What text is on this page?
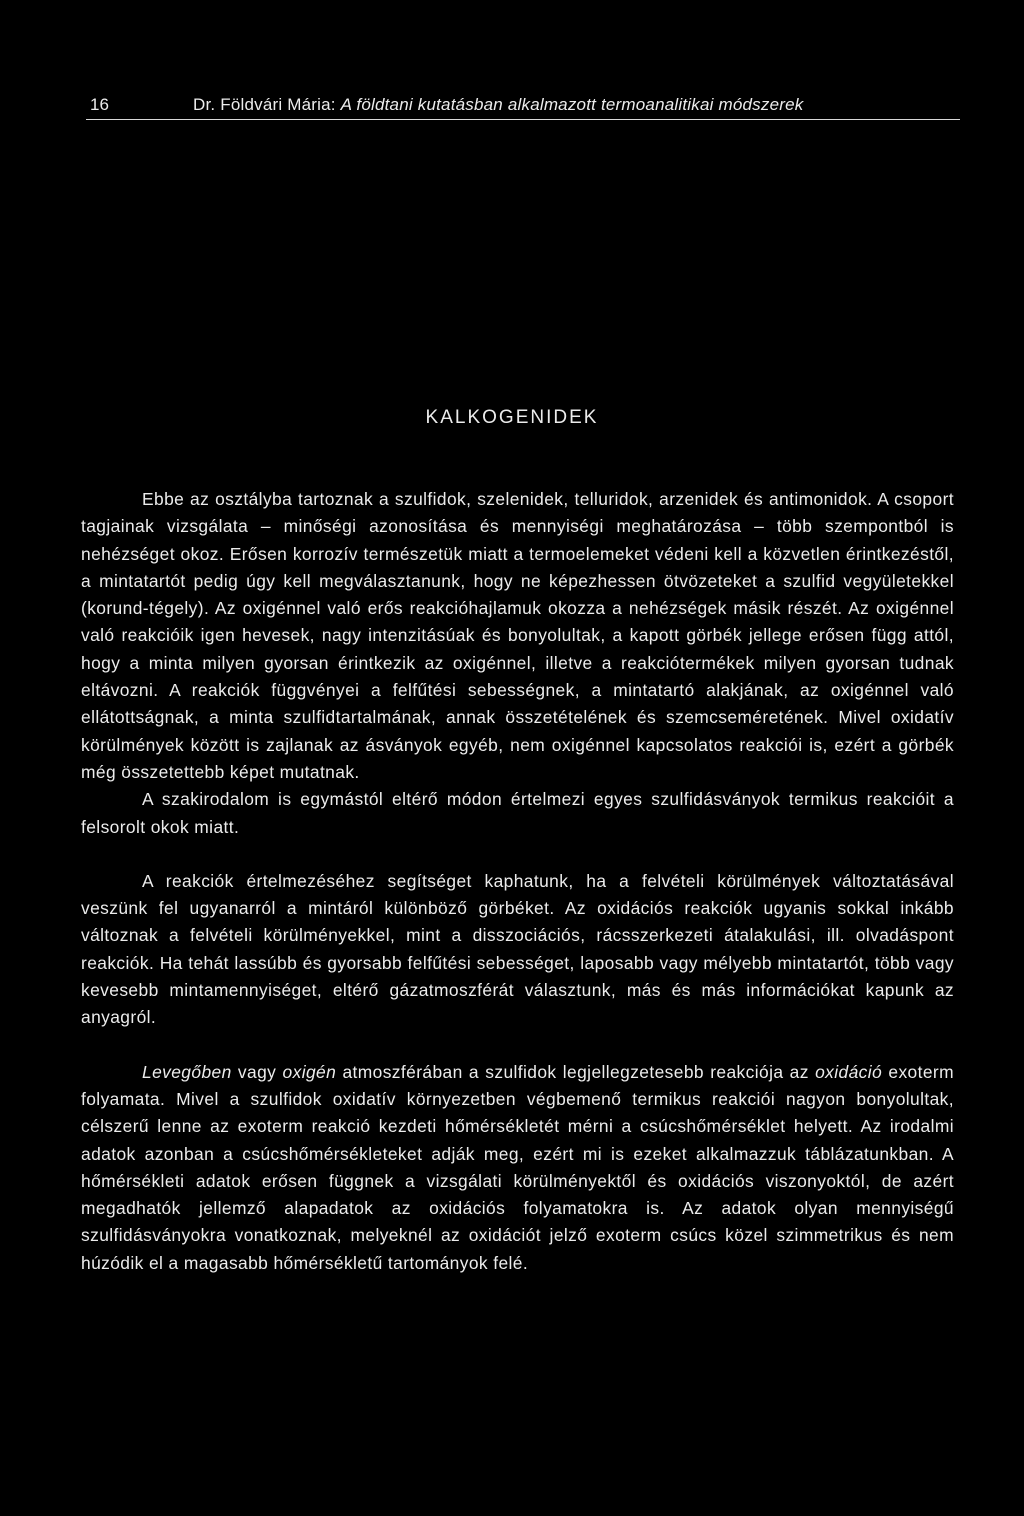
16	Dr. Földvári Mária: A földtani kutatásban alkalmazott termoanalitikai módszerek
KALKOGENIDEK

Ebbe az osztályba tartoznak a szulfidok, szelenidek, telluridok, arzenidek és antimonidok. A csoport tagjainak vizsgálata – minőségi azonosítása és mennyiségi meghatározása – több szempontból is nehézséget okoz. Erősen korrozív természetük miatt a termoelemeket védeni kell a közvetlen érintkezéstől, a mintatartót pedig úgy kell megválasztanunk, hogy ne képezhessen ötvözeteket a szulfid vegyületekkel (korund-tégely). Az oxigénnel való erős reakcióhajlamuk okozza a nehézségek másik részét. Az oxigénnel való reakcióik igen hevesek, nagy intenzitásúak és bonyolultak, a kapott görbék jellege erősen függ attól, hogy a minta milyen gyorsan érintkezik az oxigénnel, illetve a reakciótermékek milyen gyorsan tudnak eltávozni. A reakciók függvényei a felfűtési sebességnek, a mintatartó alakjának, az oxigénnel való ellátottságnak, a minta szulfidtartalmának, annak összetételének és szemcseméretének. Mivel oxidatív körülmények között is zajlanak az ásványok egyéb, nem oxigénnel kapcsolatos reakciói is, ezért a görbék még összetettebb képet mutatnak.

A szakirodalom is egymástól eltérő módon értelmezi egyes szulfidásványok termikus reakcióit a felsorolt okok miatt.

A reakciók értelmezéséhez segítséget kaphatunk, ha a felvételi körülmények változtatásával veszünk fel ugyanarról a mintáról különböző görbéket. Az oxidációs reakciók ugyanis sokkal inkább változnak a felvételi körülményekkel, mint a disszociációs, rácsszerkezeti átalakulási, ill. olvadáspont reakciók. Ha tehát lassúbb és gyorsabb felfűtési sebességet, laposabb vagy mélyebb mintatartót, több vagy kevesebb mintamennyiséget, eltérő gázatmoszférát választunk, más és más információkat kapunk az anyagról.

Levegőben vagy oxigén atmoszférában a szulfidok legjellegzetesebb reakciója az oxidáció exoterm folyamata. Mivel a szulfidok oxidatív környezetben végbemenő termikus reakciói nagyon bonyolultak, célszerű lenne az exoterm reakció kezdeti hőmérsékletét mérni a csúcshőmérséklet helyett. Az irodalmi adatok azonban a csúcshőmérsékleteket adják meg, ezért mi is ezeket alkalmazzuk táblázatunkban. A hőmérsékleti adatok erősen függnek a vizsgálati körülményektől és oxidációs viszonyoktól, de azért megadhatók jellemző alapadatok az oxidációs folyamatokra is. Az adatok olyan mennyiségű szulfidásványokra vonatkoznak, melyeknél az oxidációt jelző exoterm csúcs közel szimmetrikus és nem húzódik el a magasabb hőmérsékletű tartományok felé.
